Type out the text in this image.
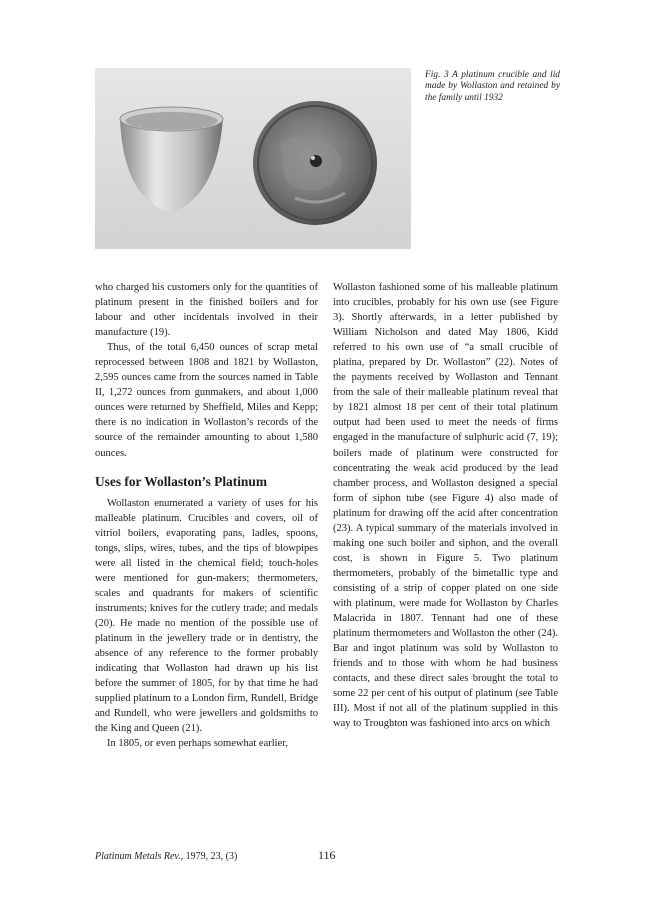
Fig. 3 A platinum crucible and lid made by Wollaston and retained by the family until 1932

who charged his customers only for the quantities of platinum present in the finished boilers and for labour and other incidentals involved in their manufacture (19).

Thus, of the total 6,450 ounces of scrap metal reprocessed between 1808 and 1821 by Wollaston, 2,595 ounces came from the sources named in Table II, 1,272 ounces from gunmakers, and about 1,000 ounces were returned by Sheffield, Miles and Kepp; there is no indication in Wollaston’s records of the source of the remainder amounting to about 1,580 ounces.

Uses for Wollaston’s Platinum

Wollaston enumerated a variety of uses for his malleable platinum. Crucibles and covers, oil of vitriol boilers, evaporating pans, ladles, spoons, tongs, slips, wires, tubes, and the tips of blowpipes were all listed in the chemical field; touch-holes were mentioned for gun-makers; thermometers, scales and quadrants for makers of scientific instruments; knives for the cutlery trade; and medals (20). He made no mention of the possible use of platinum in the jewellery trade or in dentistry, the absence of any reference to the former probably indicating that Wollaston had drawn up his list before the summer of 1805, for by that time he had supplied platinum to a London firm, Rundell, Bridge and Rundell, who were jewellers and goldsmiths to the King and Queen (21).

In 1805, or even perhaps somewhat earlier,

Wollaston fashioned some of his malleable platinum into crucibles, probably for his own use (see Figure 3). Shortly afterwards, in a letter published by William Nicholson and dated May 1806, Kidd referred to his own use of “a small crucible of platina, prepared by Dr. Wollaston” (22). Notes of the payments received by Wollaston and Tennant from the sale of their malleable platinum reveal that by 1821 almost 18 per cent of their total platinum output had been used to meet the needs of firms engaged in the manufacture of sulphuric acid (7, 19); boilers made of platinum were constructed for concentrating the weak acid produced by the lead chamber process, and Wollaston designed a special form of siphon tube (see Figure 4) also made of platinum for drawing off the acid after concentration (23). A typical summary of the materials involved in making one such boiler and siphon, and the overall cost, is shown in Figure 5. Two platinum thermometers, probably of the bimetallic type and consisting of a strip of copper plated on one side with platinum, were made for Wollaston by Charles Malacrida in 1807. Tennant had one of these platinum thermometers and Wollaston the other (24). Bar and ingot platinum was sold by Wollaston to friends and to those with whom he had business contacts, and these direct sales brought the total to some 22 per cent of his output of platinum (see Table III). Most if not all of the platinum supplied in this way to Troughton was fashioned into arcs on which

Platinum Metals Rev., 1979, 23, (3)	116
